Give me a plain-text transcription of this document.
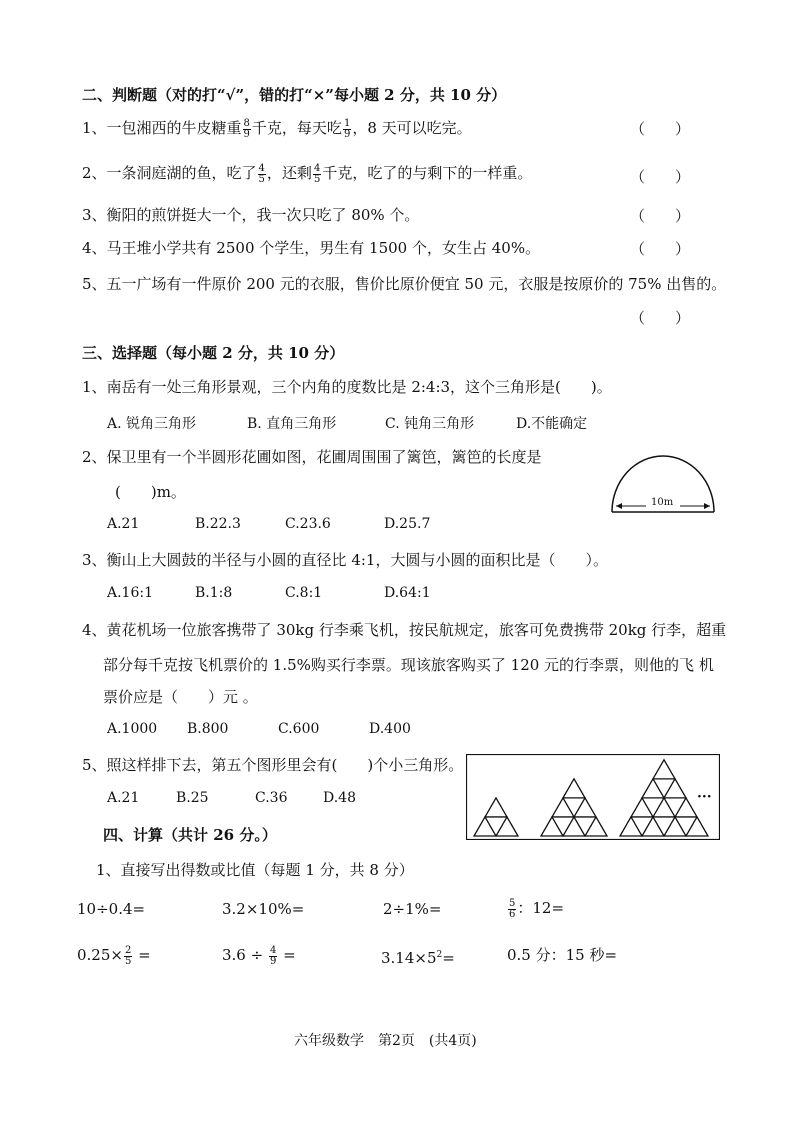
二、判断题（对的打“√”，错的打“×”每小题 2 分，共 10 分）
1、一包湘西的牛皮糖重 $\frac{8}{9}$ 千克，每天吃 $\frac{1}{9}$ ，8 天可以吃完。	（　　）
2、一条洞庭湖的鱼，吃了 $\frac{4}{5}$ ，还剩 $\frac{4}{5}$ 千克，吃了的与剩下的一样重。	（　　）
3、衡阳的煎饼挺大一个，我一次只吃了 80% 个。	（　　）
4、马王堆小学共有 2500 个学生，男生有 1500 个，女生占 40%。	（　　）
5、五一广场有一件原价 200 元的衣服，售价比原价便宜 50 元，衣服是按原价的 75% 出售的。
（　　）
三、选择题（每小题 2 分，共 10 分）
1、南岳有一处三角形景观，三个内角的度数比是 2:4:3，这个三角形是(　　)。
A. 锐角三角形	B. 直角三角形	C. 钝角三角形	D.不能确定
2、保卫里有一个半圆形花圃如图，花圃周围围了篱笆，篱笆的长度是
(　　)m。
A.21	B.22.3	C.23.6	D.25.7
10m
3、衡山上大圆鼓的半径与小圆的直径比 4:1，大圆与小圆的面积比是（　　）。
A.16:1	B.1:8	C.8:1	D.64:1
4、黄花机场一位旅客携带了 30kg 行李乘飞机，按民航规定，旅客可免费携带 20kg 行李，超重
部分每千克按飞机票价的 1.5%购买行李票。现该旅客购买了 120 元的行李票，则他的飞 机
票价应是（　　）元 。
A.1000 B.800	C.600	D.400
5、照这样排下去，第五个图形里会有(　　)个小三角形。
A.21	B.25	C.36	D.48	···
四、计算（共计 26 分。）
1、直接写出得数或比值（每题 1 分，共 8 分）
10÷0.4=	3.2×10%=	2÷1%=	$\frac{5}{6}$ ：12=
$0.25\times \frac{2}{5}$ =	$3.6 \div \frac{4}{9}$ =	$3.14\times 5^2=$	0.5 分：15 秒=
六年级数学　第2页　(共4页)
